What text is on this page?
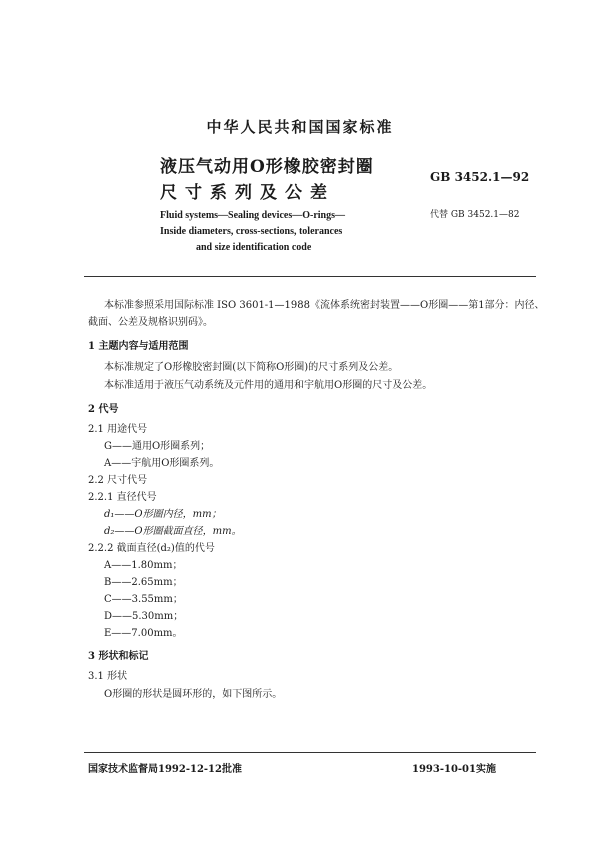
中华人民共和国国家标准
液压气动用O形橡胶密封圈
尺寸系列及公差
GB 3452.1—92
代替 GB 3452.1—82
Fluid systems—Sealing devices—O-rings—
Inside diameters, cross-sections, tolerances
and size identification code
本标准参照采用国际标准 ISO 3601-1—1988《流体系统密封装置——O形圈——第1部分：内径、
截面、公差及规格识别码》。
1 主题内容与适用范围
本标准规定了O形橡胶密封圈(以下简称O形圈)的尺寸系列及公差。
本标准适用于液压气动系统及元件用的通用和宇航用O形圈的尺寸及公差。
2 代号
2.1 用途代号
G——通用O形圈系列；
A——宇航用O形圈系列。
2.2 尺寸代号
2.2.1 直径代号
d₁——O形圈内径，mm；
d₂——O形圈截面直径，mm。
2.2.2 截面直径(d₂)值的代号
A——1.80mm；
B——2.65mm；
C——3.55mm；
D——5.30mm；
E——7.00mm。
3 形状和标记
3.1 形状
O形圈的形状是圆环形的，如下图所示。
国家技术监督局1992-12-12批准	1993-10-01实施
